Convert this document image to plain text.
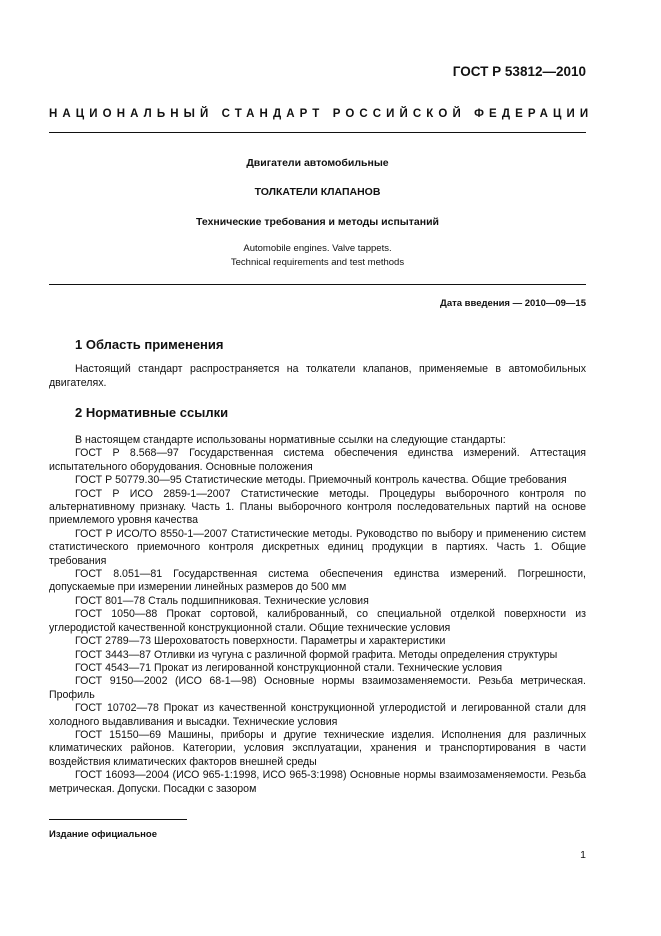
ГОСТ Р 53812—2010
НАЦИОНАЛЬНЫЙ СТАНДАРТ РОССИЙСКОЙ ФЕДЕРАЦИИ
Двигатели автомобильные
ТОЛКАТЕЛИ КЛАПАНОВ
Технические требования и методы испытаний
Automobile engines. Valve tappets.
Technical requirements and test methods
Дата введения — 2010—09—15
1 Область применения

Настоящий стандарт распространяется на толкатели клапанов, применяемые в автомобильных двигателях.

2 Нормативные ссылки

В настоящем стандарте использованы нормативные ссылки на следующие стандарты:

ГОСТ Р 8.568—97 Государственная система обеспечения единства измерений. Аттестация испытательного оборудования. Основные положения

ГОСТ Р 50779.30—95 Статистические методы. Приемочный контроль качества. Общие требования

ГОСТ Р ИСО 2859-1—2007 Статистические методы. Процедуры выборочного контроля по альтернативному признаку. Часть 1. Планы выборочного контроля последовательных партий на основе приемлемого уровня качества

ГОСТ Р ИСО/ТО 8550-1—2007 Статистические методы. Руководство по выбору и применению систем статистического приемочного контроля дискретных единиц продукции в партиях. Часть 1. Общие требования

ГОСТ 8.051—81 Государственная система обеспечения единства измерений. Погрешности, допускаемые при измерении линейных размеров до 500 мм

ГОСТ 801—78 Сталь подшипниковая. Технические условия

ГОСТ 1050—88 Прокат сортовой, калиброванный, со специальной отделкой поверхности из углеродистой качественной конструкционной стали. Общие технические условия

ГОСТ 2789—73 Шероховатость поверхности. Параметры и характеристики

ГОСТ 3443—87 Отливки из чугуна с различной формой графита. Методы определения структуры

ГОСТ 4543—71 Прокат из легированной конструкционной стали. Технические условия

ГОСТ 9150—2002 (ИСО 68-1—98) Основные нормы взаимозаменяемости. Резьба метрическая. Профиль

ГОСТ 10702—78 Прокат из качественной конструкционной углеродистой и легированной стали для холодного выдавливания и высадки. Технические условия

ГОСТ 15150—69 Машины, приборы и другие технические изделия. Исполнения для различных климатических районов. Категории, условия эксплуатации, хранения и транспортирования в части воздействия климатических факторов внешней среды

ГОСТ 16093—2004 (ИСО 965-1:1998, ИСО 965-3:1998) Основные нормы взаимозаменяемости. Резьба метрическая. Допуски. Посадки с зазором

Издание официальное
1
